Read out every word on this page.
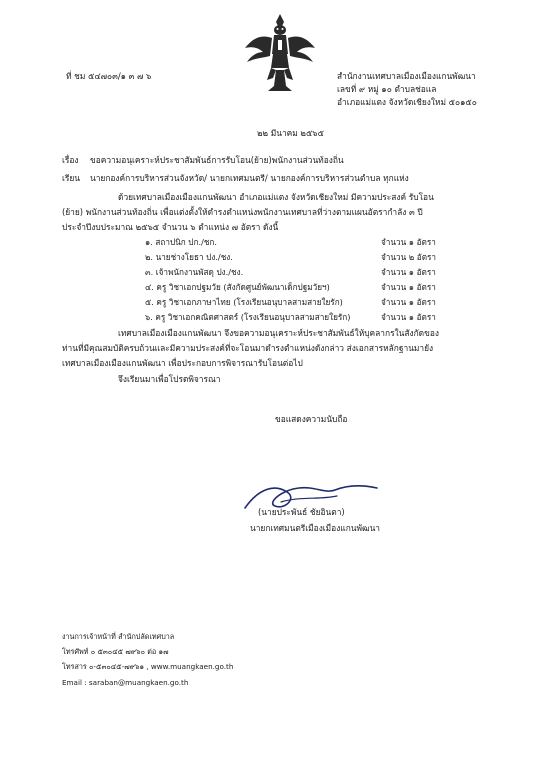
ที่ ชม ๕๔๗๐๓/๑ ๓ ๗ ๖	สำนักงานเทศบาลเมืองเมืองแกนพัฒนา
เลขที่ ๙ หมู่ ๑๐ ตำบลช่อแล
อำเภอแม่แตง จังหวัดเชียงใหม่ ๕๐๑๕๐
๒๒ มีนาคม ๒๕๖๕
เรื่อง ขอความอนุเคราะห์ประชาสัมพันธ์การรับโอน(ย้าย)พนักงานส่วนท้องถิ่น
เรียน นายกองค์การบริหารส่วนจังหวัด/ นายกเทศมนตรี/ นายกองค์การบริหารส่วนตำบล ทุกแห่ง
ด้วยเทศบาลเมืองเมืองแกนพัฒนา อำเภอแม่แตง จังหวัดเชียงใหม่ มีความประสงค์ รับโอน
(ย้าย) พนักงานส่วนท้องถิ่น เพื่อแต่งตั้งให้ดำรงตำแหน่งพนักงานเทศบาลที่ว่างตามแผนอัตรากำลัง ๓ ปี
ประจำปีงบประมาณ ๒๕๖๕ จำนวน ๖ ตำแหน่ง ๗ อัตรา ดังนี้
๑. สถาปนิก ปก./ชก.	จำนวน ๑ อัตรา
๒. นายช่างโยธา ปง./ชง.	จำนวน ๒ อัตรา
๓. เจ้าพนักงานพัสดุ ปง./ชง.	จำนวน ๑ อัตรา
๔. ครู วิชาเอกปฐมวัย (สังกัดศูนย์พัฒนาเด็กปฐมวัยฯ)	จำนวน ๑ อัตรา
๕. ครู วิชาเอกภาษาไทย (โรงเรียนอนุบาลสามสายใยรัก)	จำนวน ๑ อัตรา
๖. ครู วิชาเอกคณิตศาสตร์ (โรงเรียนอนุบาลสามสายใยรัก)	จำนวน ๑ อัตรา
เทศบาลเมืองเมืองแกนพัฒนา จึงขอความอนุเคราะห์ประชาสัมพันธ์ให้บุคลากรในสังกัดของ
ท่านที่มีคุณสมบัติครบถ้วนและมีความประสงค์ที่จะโอนมาดำรงตำแหน่งดังกล่าว ส่งเอกสารหลักฐานมายัง
เทศบาลเมืองเมืองแกนพัฒนา เพื่อประกอบการพิจารณารับโอนต่อไป
จึงเรียนมาเพื่อโปรดพิจารณา
ขอแสดงความนับถือ
(นายประพันธ์ ชัยอินตา)
นายกเทศมนตรีเมืองเมืองแกนพัฒนา
งานการเจ้าหน้าที่ สำนักปลัดเทศบาล
โทรศัพท์ ๐ ๕๓๐๔๕ ๗๙๖๐ ต่อ ๑๗
โทรสาร ๐-๕๓๐๔๕-๗๙๖๑ , www.muangkaen.go.th
Email : saraban@muangkaen.go.th
